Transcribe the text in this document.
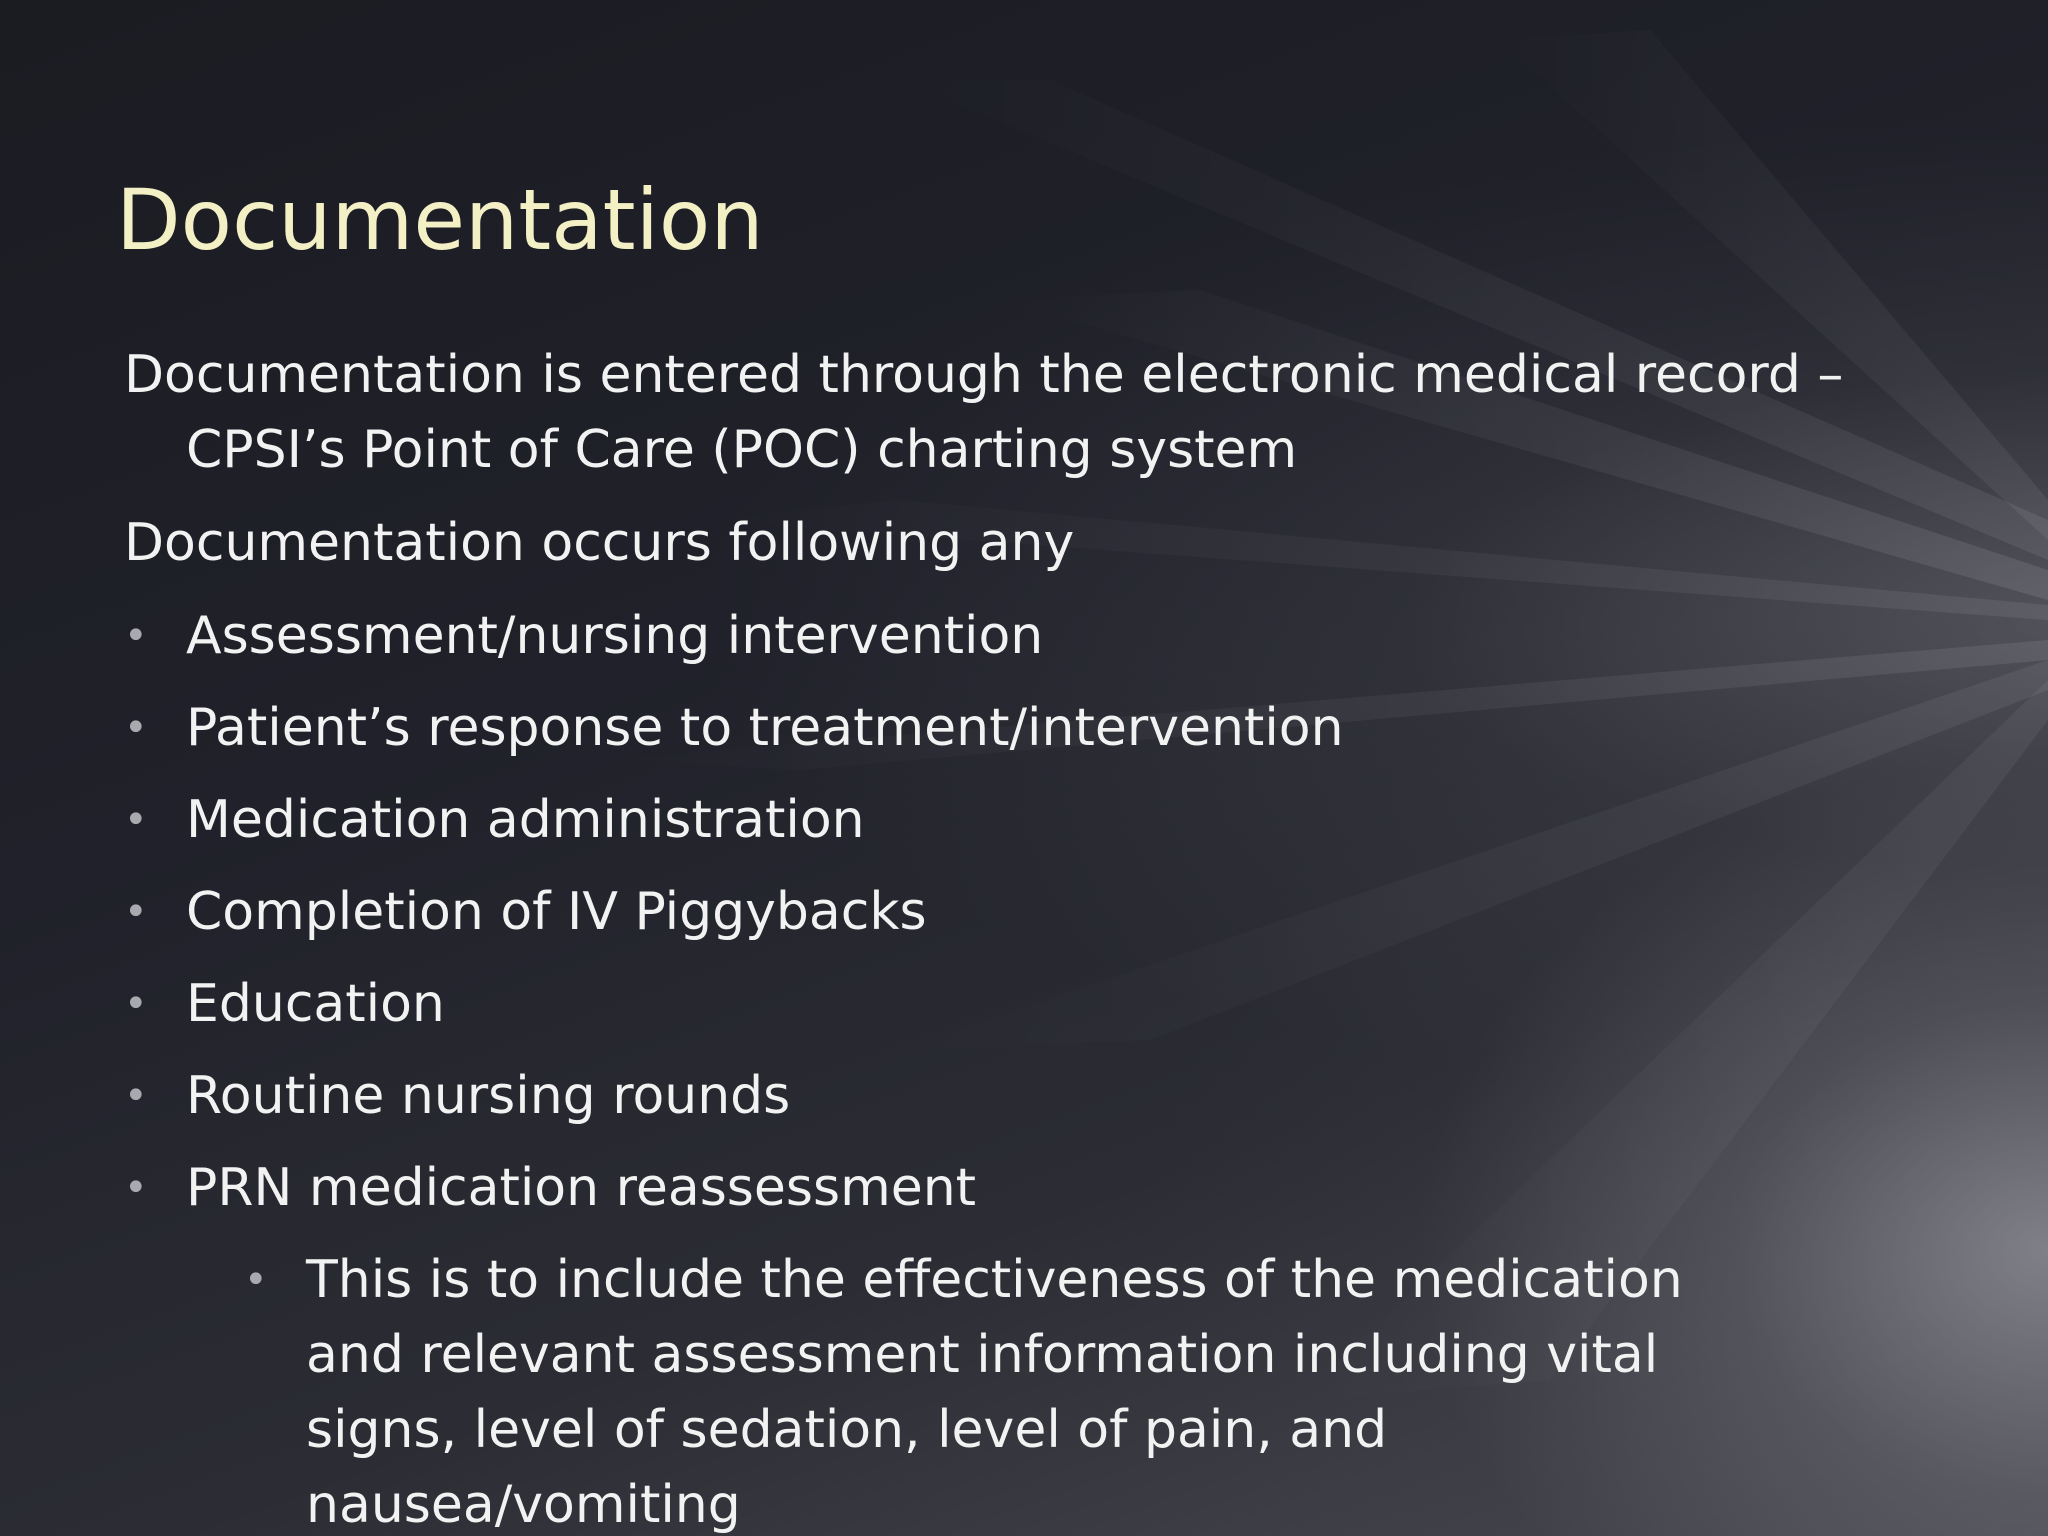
Documentation

Documentation is entered through the electronic medical record – CPSI’s Point of Care (POC) charting system

Documentation occurs following any

• Assessment/nursing intervention
• Patient’s response to treatment/intervention
• Medication administration
• Completion of IV Piggybacks
• Education
• Routine nursing rounds
• PRN medication reassessment
• This is to include the effectiveness of the medication and relevant assessment information including vital signs, level of sedation, level of pain, and nausea/vomiting
